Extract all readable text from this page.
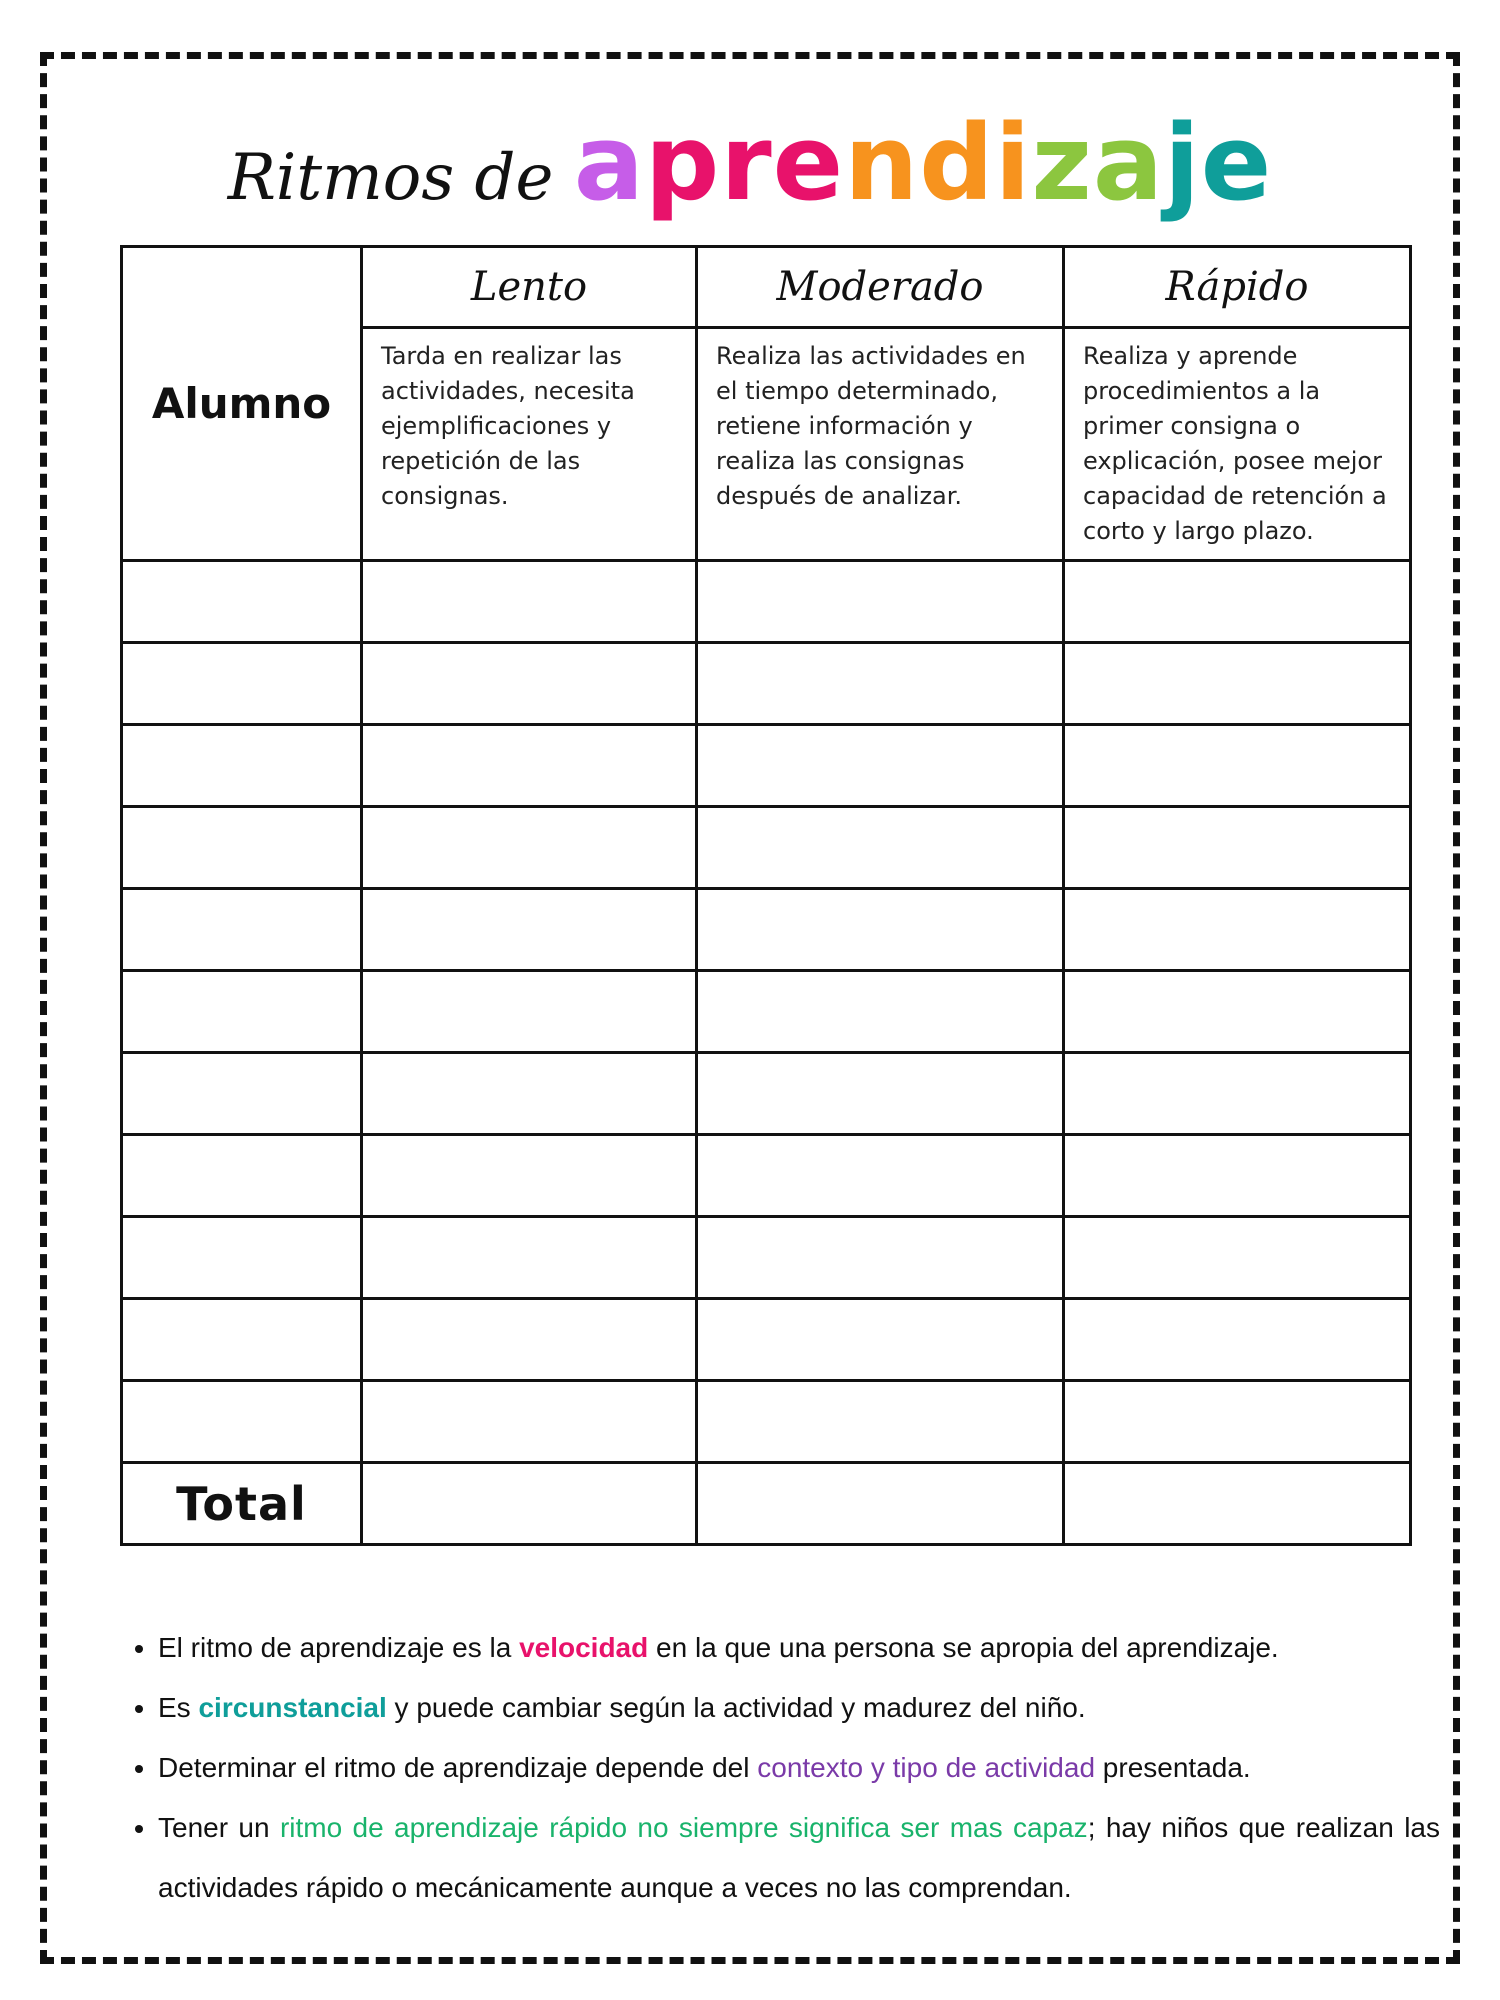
Ritmos de aprendizaje
Alumno	Lento	Moderado	Rápido
	Tarda en realizar las actividades, necesita ejemplificaciones y repetición de las consignas.	Realiza las actividades en el tiempo determinado, retiene información y realiza las consignas después de analizar.	Realiza y aprende procedimientos a la primer consigna o explicación, posee mejor capacidad de retención a corto y largo plazo.

Total			
• El ritmo de aprendizaje es la velocidad en la que una persona se apropia del aprendizaje.
• Es circunstancial y puede cambiar según la actividad y madurez del niño.
• Determinar el ritmo de aprendizaje depende del contexto y tipo de actividad presentada.
• Tener un ritmo de aprendizaje rápido no siempre significa ser mas capaz; hay niños que realizan las actividades rápido o mecánicamente aunque a veces no las comprendan.
